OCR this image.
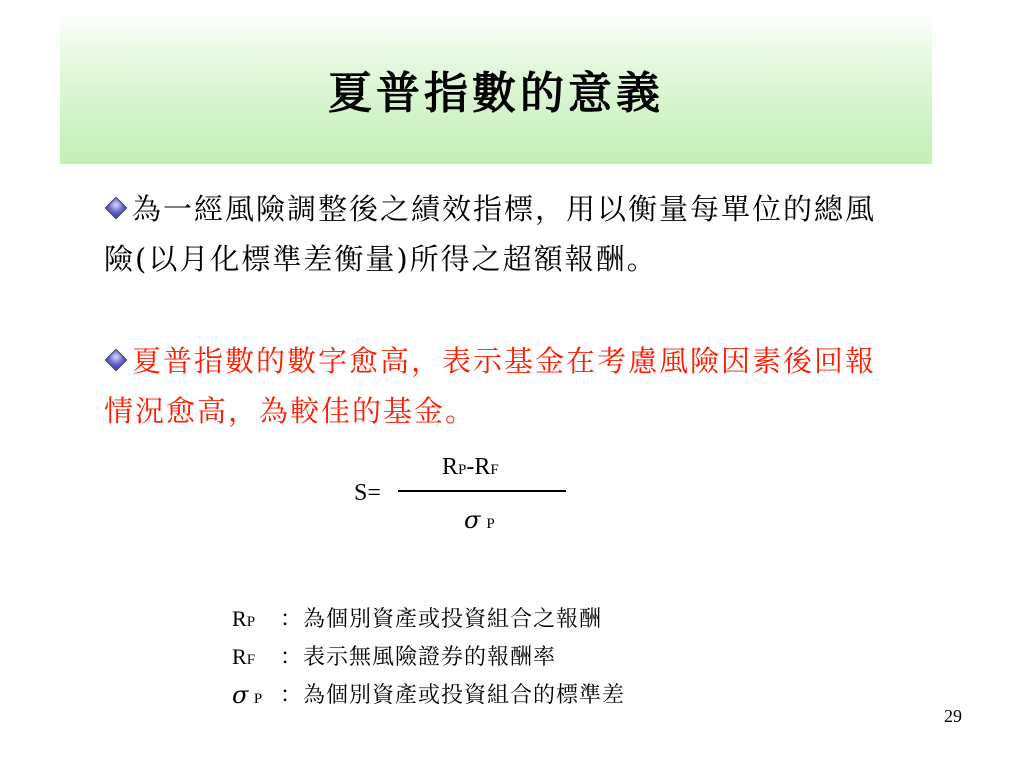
夏普指數的意義
為一經風險調整後之績效指標，用以衡量每單位的總風險(以月化標準差衡量)所得之超額報酬。
夏普指數的數字愈高，表示基金在考慮風險因素後回報情況愈高，為較佳的基金。
S=
RP-RF
σ P
RP ：為個別資產或投資組合之報酬
RF ：表示無風險證券的報酬率
σ P ：為個別資產或投資組合的標準差
29
